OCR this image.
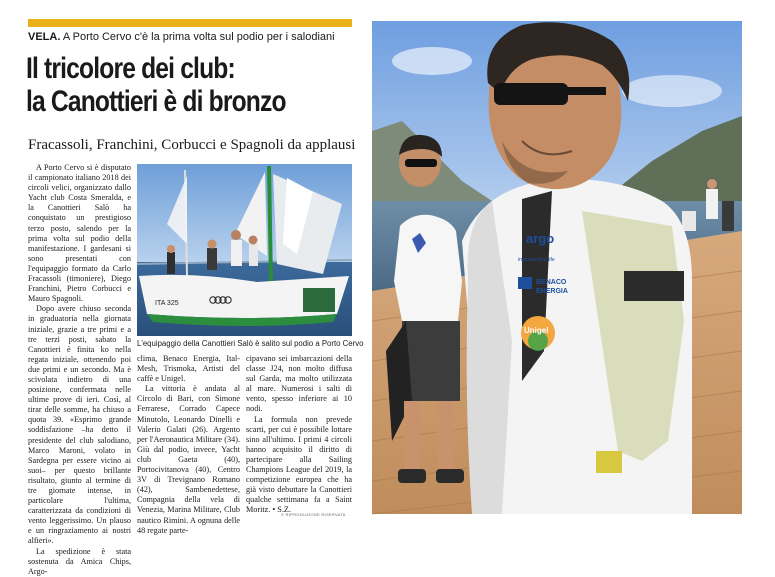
VELA. A Porto Cervo c'è la prima volta sul podio per i salodiani
Il tricolore dei club:
la Canottieri è di bronzo
Fracassoli, Franchini, Corbucci e Spagnoli da applausi

A Porto Cervo si è disputato il campionato italiano 2018 dei circoli velici, organizzato dallo Yacht club Costa Smeralda, e la Canottieri Salò ha conquistato un prestigioso terzo posto, salendo per la prima volta sul podio della manifestazione. I gardesani si sono presentati con l'equipaggio formato da Carlo Fracassoli (timoniere), Diego Franchini, Pietro Corbucci e Mauro Spagnoli.

Dopo avere chiuso seconda in graduatoria nella giornata iniziale, grazie a tre primi e a tre terzi posti, sabato la Canottieri è finita ko nella regata iniziale, ottenendo poi due primi e un secondo. Ma è scivolata indietro di una posizione, confermata nelle ultime prove di ieri. Così, al tirar delle somme, ha chiuso a quota 39. «Esprimo grande soddisfazione –ha detto il presidente del club salodiano, Marco Maroni, volato in Sardegna per essere vicino ai suoi– per questo brillante risultato, giunto al termine di tre giornate intense, in particolare l'ultima, caratterizzata da condizioni di vento leggerissimo. Un plauso e un ringraziamento ai nostri alfieri».

La spedizione è stata sostenuta da Amica Chips, Argo-

ITA 325
L'equipaggio della Canottieri Salò è salito sul podio a Porto Cervo

clima, Benaco Energia, Ital-Mesh, Trismoka, Artisti del caffè e Unigel.

La vittoria è andata al Circolo di Bari, con Simone Ferrarese, Corrado Capece Minutolo, Leonardo Dinelli e Valerio Galati (26). Argento per l'Aeronautica Militare (34). Giù dal podio, invece, Yacht club Gaeta (40), Portocivitanova (40), Centro 3V di Trevignano Romano (42), Sambenedettese, Compagnia della vela di Venezia, Marina Militare, Club nautico Rimini. A ognuna delle 48 regate parte-

cipavano sei imbarcazioni della classe J24, non molto diffusa sul Garda, ma molto utilizzata al mare. Numerosi i salti di vento, spesso inferiore ai 10 nodi.

La formula non prevede scarti, per cui è possibile lottare sino all'ultimo. I primi 4 circoli hanno acquisito il diritto di partecipare alla Sailing Champions League del 2019, la competizione europea che ha già visto debuttare la Canottieri qualche settimana fa a Saint Moritz. • S.Z.

© RIPRODUZIONE RISERVATA
argo
improve your life
BENACO
ENERGIA
Unigel
